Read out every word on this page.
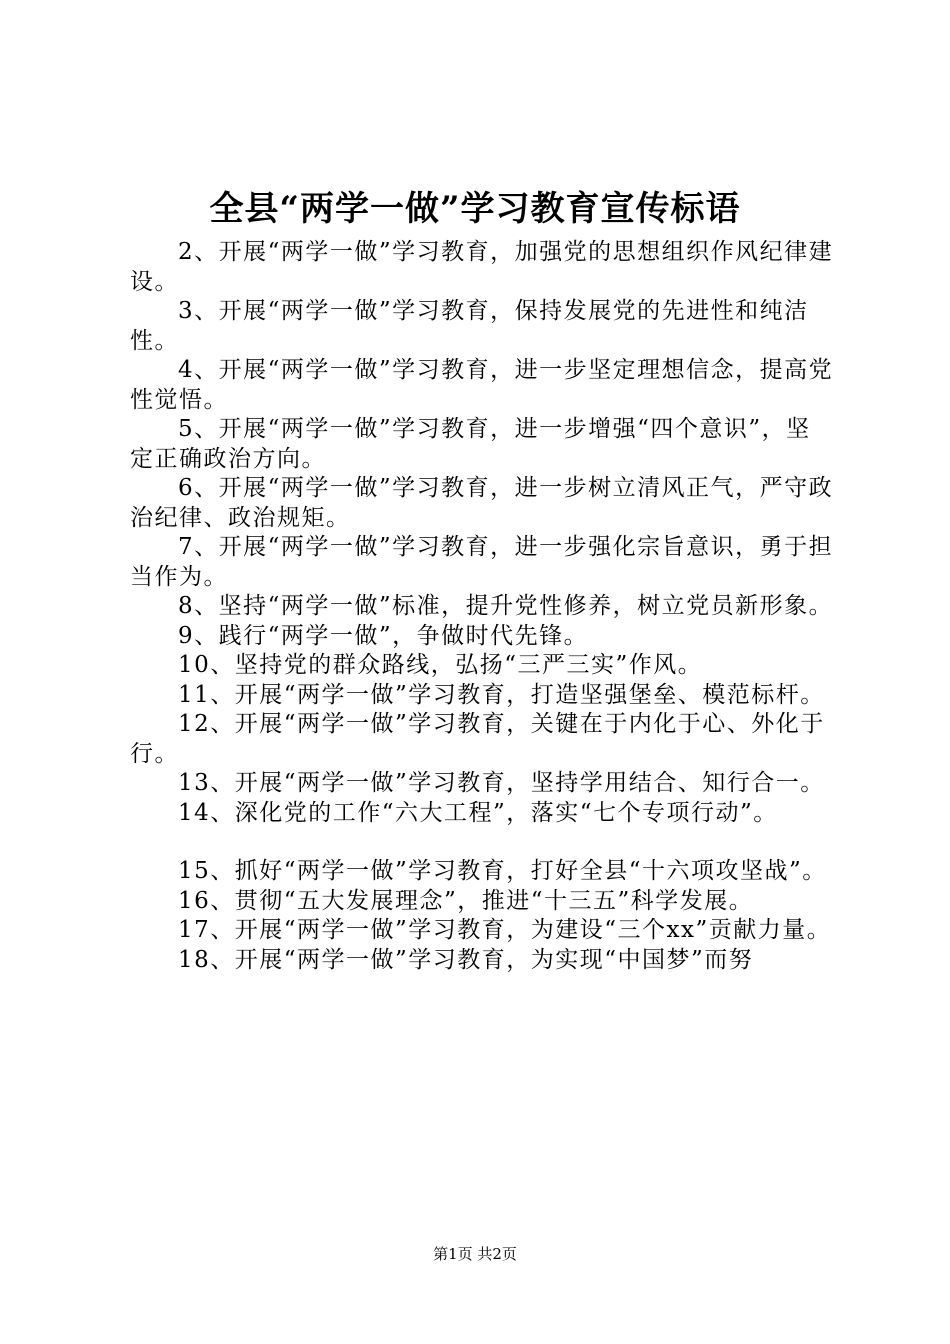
全县“两学一做”学习教育宣传标语

2、开展“两学一做”学习教育，加强党的思想组织作风纪律建设。

3、开展“两学一做”学习教育，保持发展党的先进性和纯洁性。

4、开展“两学一做”学习教育，进一步坚定理想信念，提高党性觉悟。

5、开展“两学一做”学习教育，进一步增强“四个意识”，坚定正确政治方向。

6、开展“两学一做”学习教育，进一步树立清风正气，严守政治纪律、政治规矩。

7、开展“两学一做”学习教育，进一步强化宗旨意识，勇于担当作为。

8、坚持“两学一做”标准，提升党性修养，树立党员新形象。

9、践行“两学一做”，争做时代先锋。

10、坚持党的群众路线，弘扬“三严三实”作风。

11、开展“两学一做”学习教育，打造坚强堡垒、模范标杆。

12、开展“两学一做”学习教育，关键在于内化于心、外化于行。

13、开展“两学一做”学习教育，坚持学用结合、知行合一。

14、深化党的工作“六大工程”，落实“七个专项行动”。

15、抓好“两学一做”学习教育，打好全县“十六项攻坚战”。

16、贯彻“五大发展理念”，推进“十三五”科学发展。

17、开展“两学一做”学习教育，为建设“三个xx”贡献力量。

18、开展“两学一做”学习教育，为实现“中国梦”而努

第1页 共2页
